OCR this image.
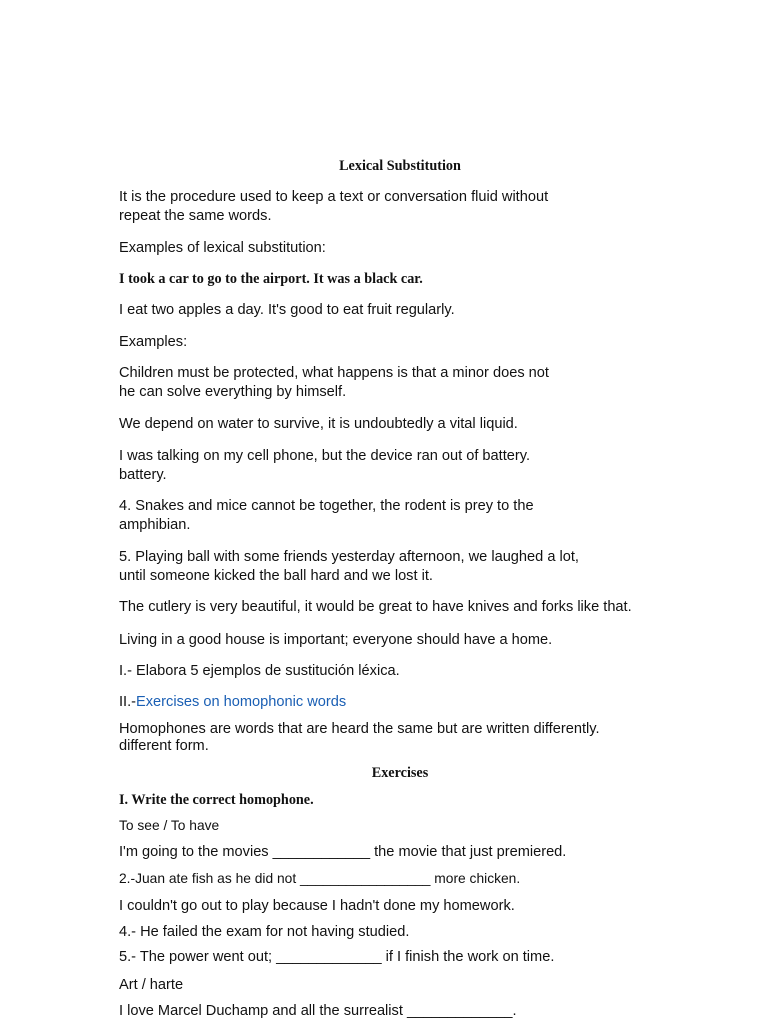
Lexical Substitution
It is the procedure used to keep a text or conversation fluid without
repeat the same words.
Examples of lexical substitution:
I took a car to go to the airport. It was a black car.
I eat two apples a day. It's good to eat fruit regularly.
Examples:
Children must be protected, what happens is that a minor does not
he can solve everything by himself.
We depend on water to survive, it is undoubtedly a vital liquid.
I was talking on my cell phone, but the device ran out of battery.
battery.
4. Snakes and mice cannot be together, the rodent is prey to the
amphibian.
5. Playing ball with some friends yesterday afternoon, we laughed a lot,
until someone kicked the ball hard and we lost it.
The cutlery is very beautiful, it would be great to have knives and forks like that.
Living in a good house is important; everyone should have a home.
I.- Elabora 5 ejemplos de sustitución léxica.
II.-Exercises on homophonic words
Homophones are words that are heard the same but are written differently.
different form.
Exercises
I. Write the correct homophone.
To see / To have
I'm going to the movies ____________ the movie that just premiered.
2.-Juan ate fish as he did not _________________ more chicken.
I couldn't go out to play because I hadn't done my homework.
4.- He failed the exam for not having studied.
5.- The power went out; _____________ if I finish the work on time.
Art / harte
I love Marcel Duchamp and all the surrealist _____________.
